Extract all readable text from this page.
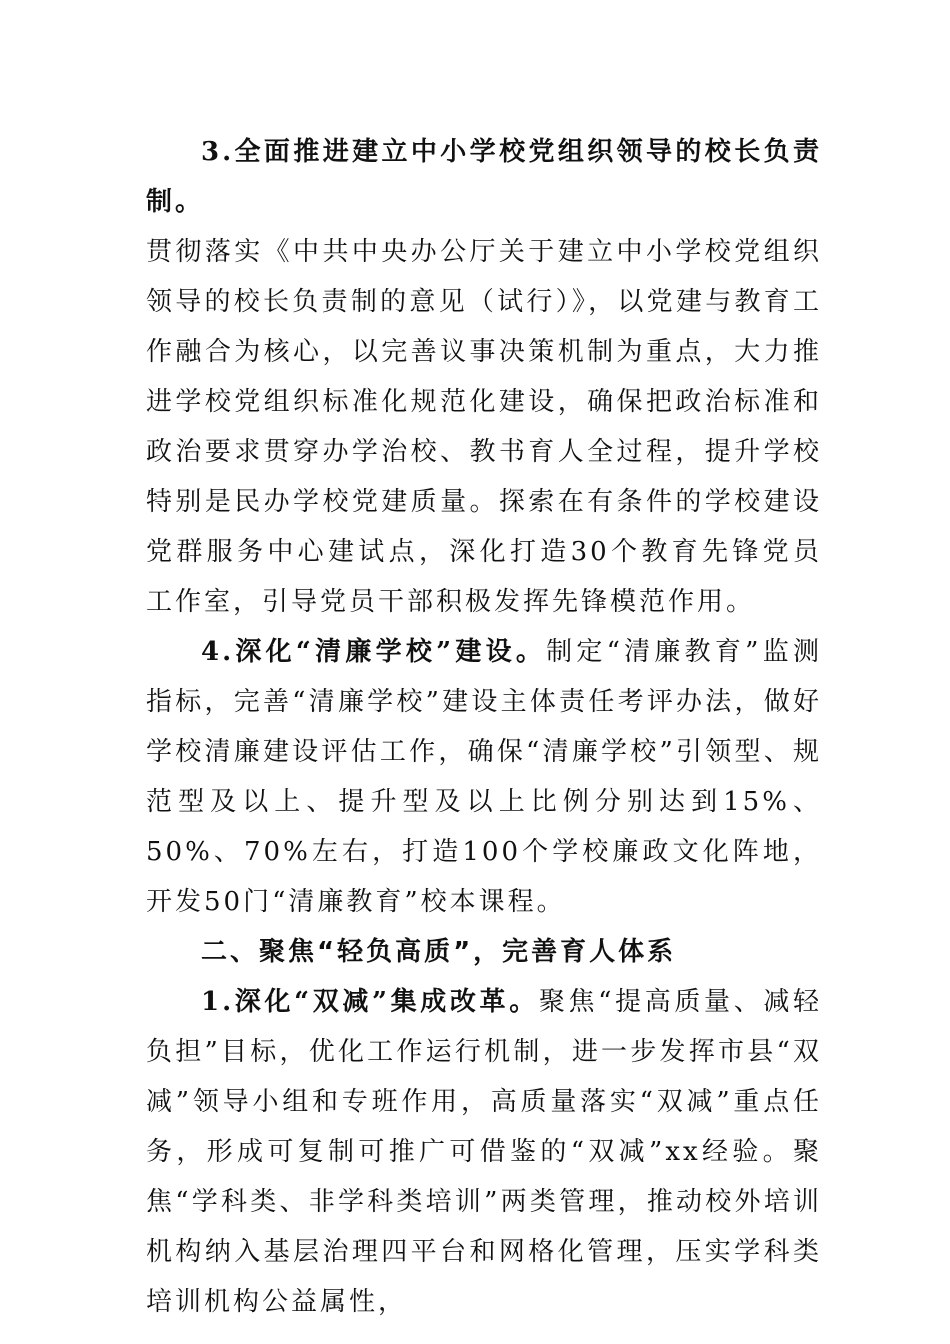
3.全面推进建立中小学校党组织领导的校长负责制。
贯彻落实《中共中央办公厅关于建立中小学校党组织领导的校长负责制的意见（试行）》，以党建与教育工作融合为核心，以完善议事决策机制为重点，大力推进学校党组织标准化规范化建设，确保把政治标准和政治要求贯穿办学治校、教书育人全过程，提升学校特别是民办学校党建质量。探索在有条件的学校建设党群服务中心建试点，深化打造30个教育先锋党员工作室，引导党员干部积极发挥先锋模范作用。

4.深化“清廉学校”建设。制定“清廉教育”监测指标，完善“清廉学校”建设主体责任考评办法，做好学校清廉建设评估工作，确保“清廉学校”引领型、规范型及以上、提升型及以上比例分别达到15%、50%、70%左右，打造100个学校廉政文化阵地，开发50门“清廉教育”校本课程。

二、聚焦“轻负高质”，完善育人体系

1.深化“双减”集成改革。聚焦“提高质量、减轻负担”目标，优化工作运行机制，进一步发挥市县“双减”领导小组和专班作用，高质量落实“双减”重点任务，形成可复制可推广可借鉴的“双减”xx经验。聚焦“学科类、非学科类培训”两类管理，推动校外培训机构纳入基层治理四平台和网格化管理，压实学科类培训机构公益属性，
